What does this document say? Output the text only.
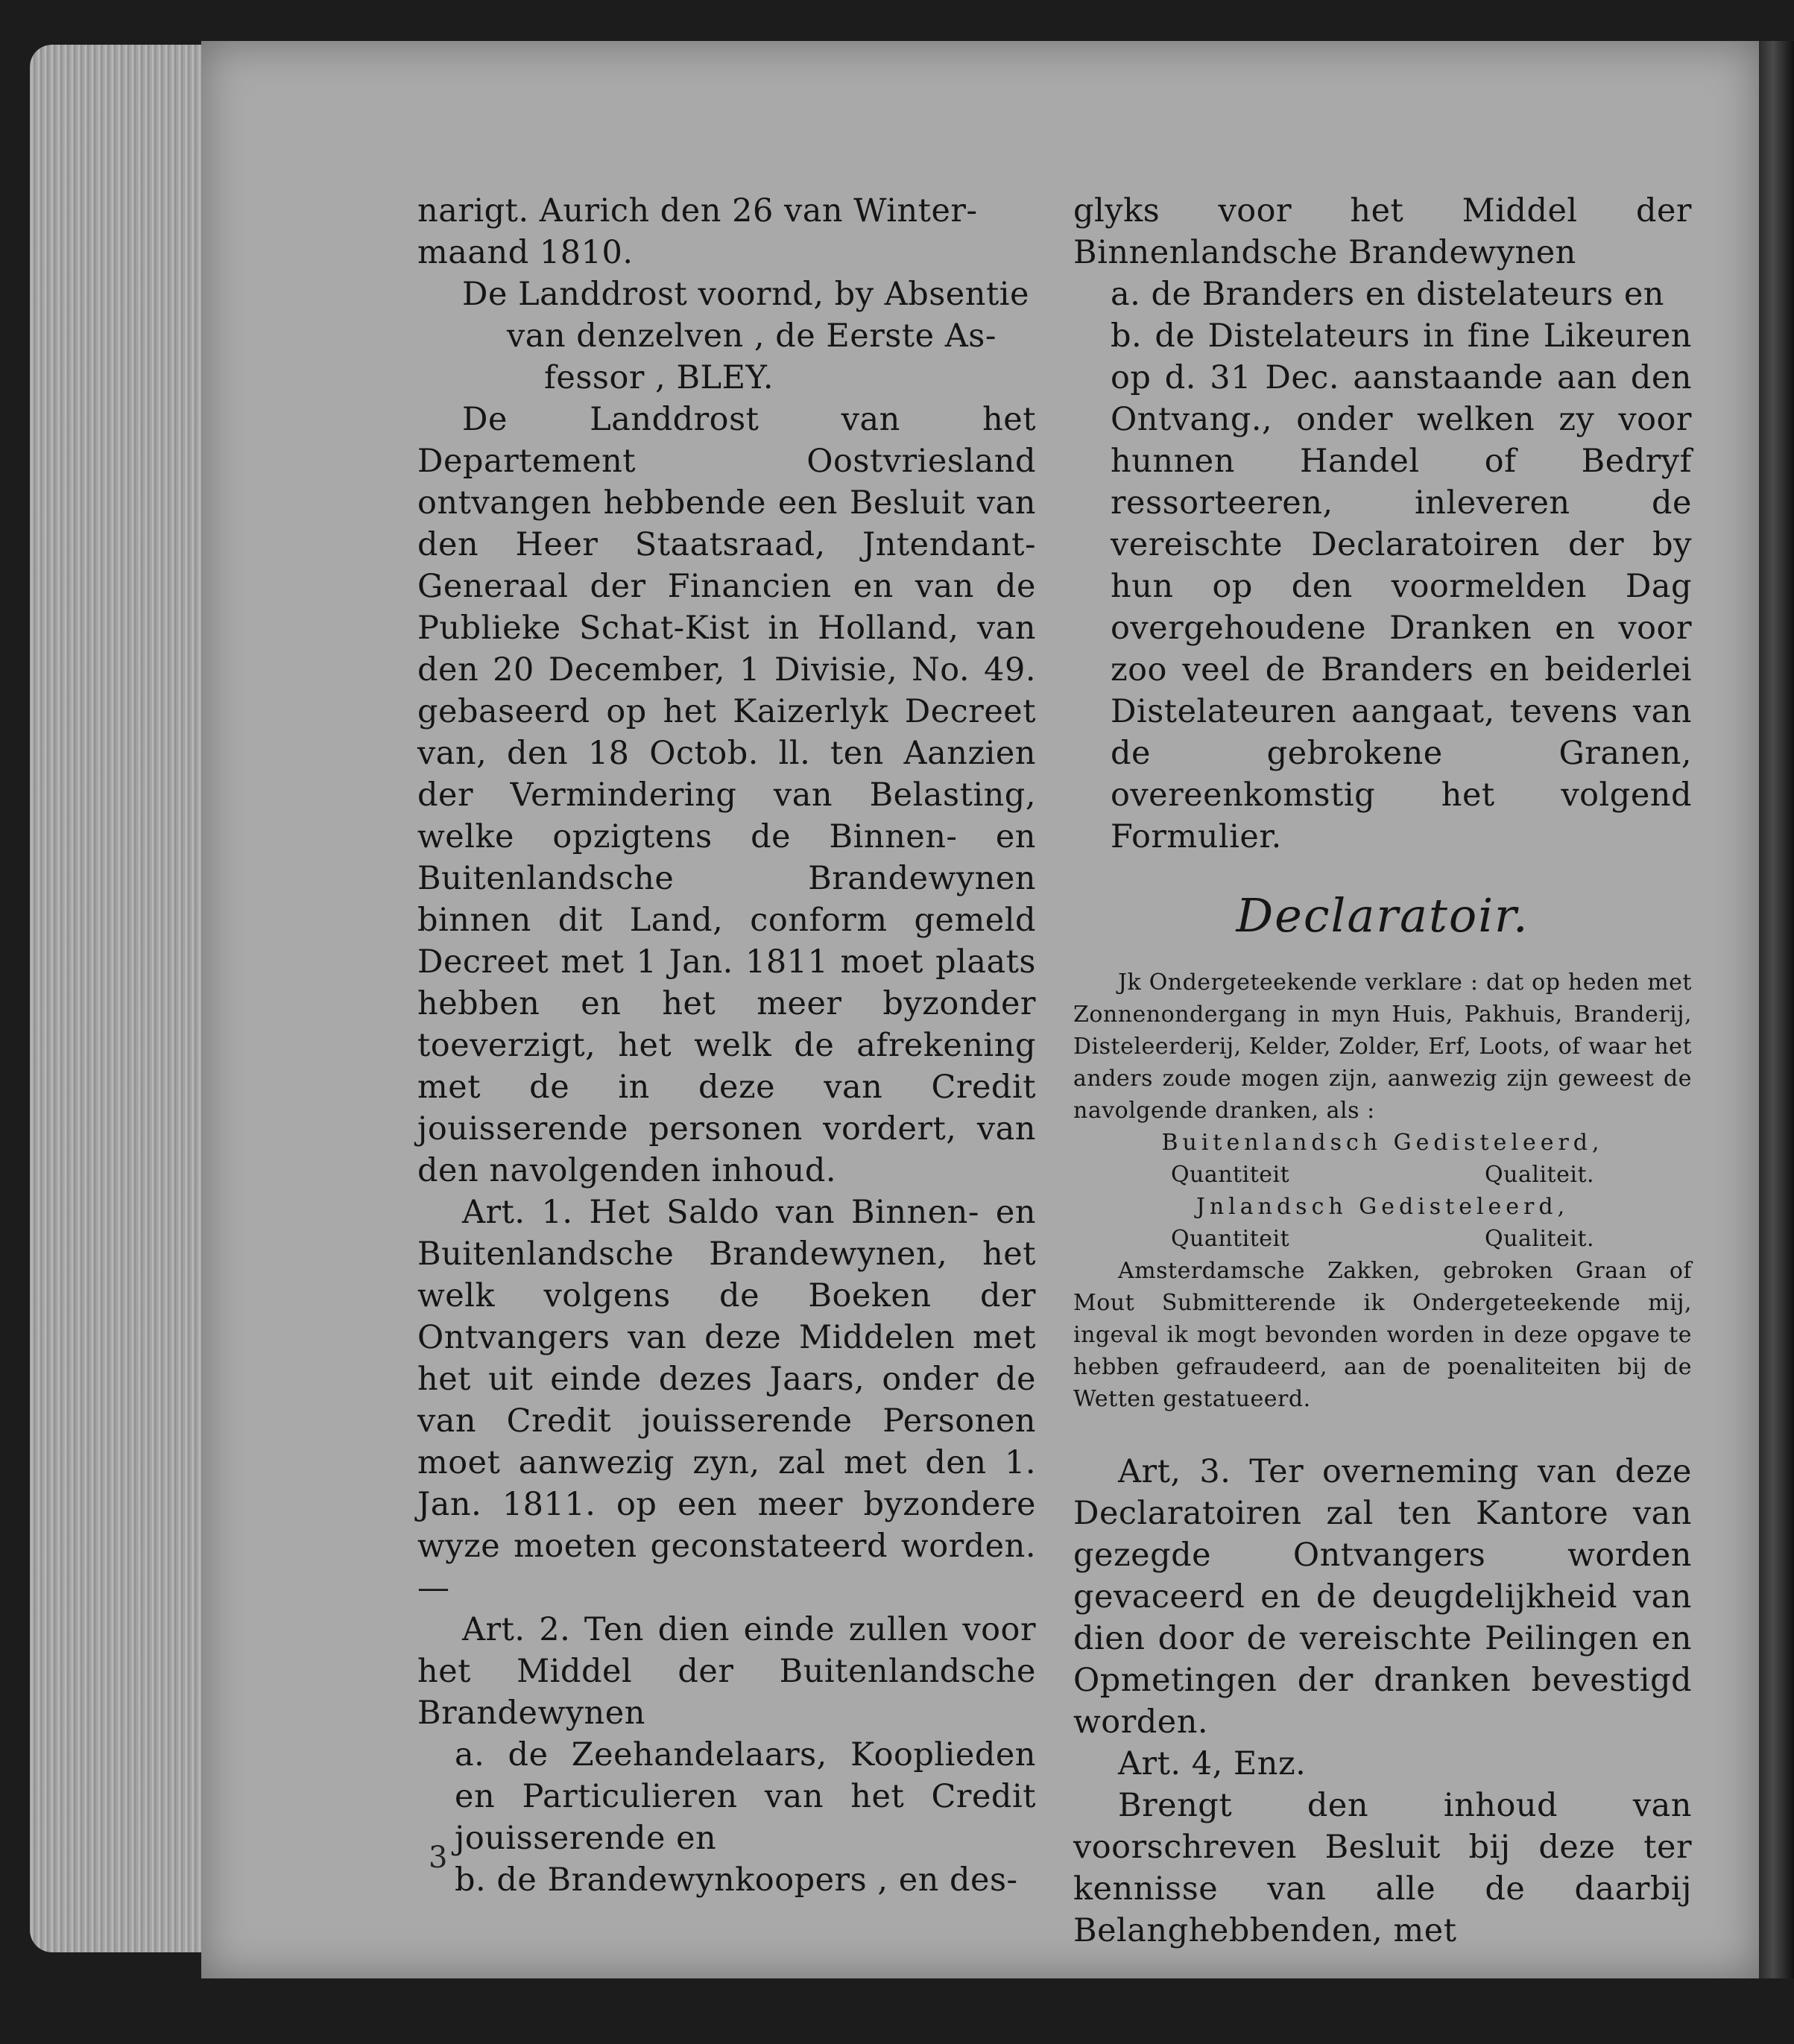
narigt. Aurich den 26 van Winter-

maand 1810.

De Landdrost voornd, by Absentie

van denzelven , de Eerste As-

fessor , BLEY.

De Landdrost van het Departement Oostvriesland ontvangen hebbende een Besluit van den Heer Staatsraad, Jntendant-Generaal der Financien en van de Publieke Schat-Kist in Holland, van den 20 December, 1 Divisie, No. 49. gebaseerd op het Kaizerlyk Decreet van, den 18 Octob. ll. ten Aanzien der Vermindering van Belasting, welke opzigtens de Binnen- en Buitenlandsche Brandewynen binnen dit Land, conform gemeld Decreet met 1 Jan. 1811 moet plaats hebben en het meer byzonder toeverzigt, het welk de afrekening met de in deze van Credit jouisserende personen vordert, van den navolgenden inhoud.

Art. 1. Het Saldo van Binnen- en Buitenlandsche Brandewynen, het welk volgens de Boeken der Ontvangers van deze Middelen met het uit einde dezes Jaars, onder de van Credit jouisserende Personen moet aanwezig zyn, zal met den 1. Jan. 1811. op een meer byzondere wyze moeten geconstateerd worden. —

Art. 2. Ten dien einde zullen voor het Middel der Buitenlandsche Brandewynen

a. de Zeehandelaars, Kooplieden en Particulieren van het Credit jouisserende en

b. de Brandewynkoopers , en des-

glyks voor het Middel der Binnenlandsche Brandewynen

a. de Branders en distelateurs en

b. de Distelateurs in fine Likeuren op d. 31 Dec. aanstaande aan den Ontvang., onder welken zy voor hunnen Handel of Bedryf ressorteeren, inleveren de vereischte Declaratoiren der by hun op den voormelden Dag overgehoudene Dranken en voor zoo veel de Branders en beiderlei Distelateuren aangaat, tevens van de gebrokene Granen, overeenkomstig het volgend Formulier.

Declaratoir.

Jk Ondergeteekende verklare : dat op heden met Zonnenondergang in myn Huis, Pakhuis, Branderij, Disteleerderij, Kelder, Zolder, Erf, Loots, of waar het anders zoude mogen zijn, aanwezig zijn geweest de navolgende dranken, als :

Buitenlandsch Gedisteleerd,

Quantiteit	Qualiteit.

Jnlandsch Gedisteleerd,

Quantiteit	Qualiteit.

Amsterdamsche Zakken, gebroken Graan of Mout Submitterende ik Ondergeteekende mij, ingeval ik mogt bevonden worden in deze opgave te hebben gefraudeerd, aan de poenaliteiten bij de Wetten gestatueerd.

Art, 3. Ter overneming van deze Declaratoiren zal ten Kantore van gezegde Ontvangers worden gevaceerd en de deugdelijkheid van dien door de vereischte Peilingen en Opmetingen der dranken bevestigd worden.

Art. 4, Enz.

Brengt den inhoud van voorschreven Besluit bij deze ter kennisse van alle de daarbij Belanghebbenden, met

3
